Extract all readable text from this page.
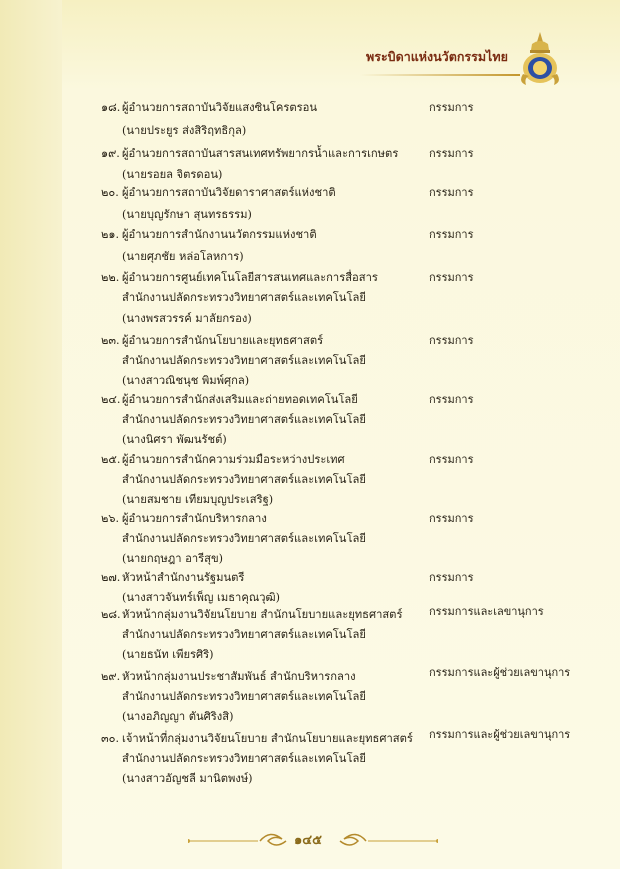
พระบิดาแห่งนวัตกรรมไทย
๑๘. ผู้อำนวยการสถาบันวิจัยแสงซินโครตรอน
(นายประยูร ส่งสิริฤทธิกุล)
กรรมการ
๑๙. ผู้อำนวยการสถาบันสารสนเทศทรัพยากรน้ำและการเกษตร
(นายรอยล จิตรดอน)
กรรมการ
๒๐. ผู้อำนวยการสถาบันวิจัยดาราศาสตร์แห่งชาติ
(นายบุญรักษา สุนทรธรรม)
กรรมการ
๒๑. ผู้อำนวยการสำนักงานนวัตกรรมแห่งชาติ
(นายศุภชัย หล่อโลหการ)
กรรมการ
๒๒. ผู้อำนวยการศูนย์เทคโนโลยีสารสนเทศและการสื่อสาร
สำนักงานปลัดกระทรวงวิทยาศาสตร์และเทคโนโลยี
(นางพรสวรรค์ มาลัยกรอง)
กรรมการ
๒๓. ผู้อำนวยการสำนักนโยบายและยุทธศาสตร์
สำนักงานปลัดกระทรวงวิทยาศาสตร์และเทคโนโลยี
(นางสาวณิชนุช พิมพ์ศุกล)
กรรมการ
๒๔. ผู้อำนวยการสำนักส่งเสริมและถ่ายทอดเทคโนโลยี
สำนักงานปลัดกระทรวงวิทยาศาสตร์และเทคโนโลยี
(นางนิศรา พัฒนรัชต์)
กรรมการ
๒๕. ผู้อำนวยการสำนักความร่วมมือระหว่างประเทศ
สำนักงานปลัดกระทรวงวิทยาศาสตร์และเทคโนโลยี
(นายสมชาย เทียมบุญประเสริฐ)
กรรมการ
๒๖. ผู้อำนวยการสำนักบริหารกลาง
สำนักงานปลัดกระทรวงวิทยาศาสตร์และเทคโนโลยี
(นายกฤษฎา อารีสุข)
กรรมการ
๒๗. หัวหน้าสำนักงานรัฐมนตรี
(นางสาวจันทร์เพ็ญ เมธาคุณวุฒิ)
กรรมการ
๒๘. หัวหน้ากลุ่มงานวิจัยนโยบาย สำนักนโยบายและยุทธศาสตร์
สำนักงานปลัดกระทรวงวิทยาศาสตร์และเทคโนโลยี
(นายธนัท เพียรศิริ)
กรรมการและเลขานุการ
๒๙. หัวหน้ากลุ่มงานประชาสัมพันธ์ สำนักบริหารกลาง
สำนักงานปลัดกระทรวงวิทยาศาสตร์และเทคโนโลยี
(นางอภิญญา ตันศิริงสิ)
กรรมการและผู้ช่วยเลขานุการ
๓๐. เจ้าหน้าที่กลุ่มงานวิจัยนโยบาย สำนักนโยบายและยุทธศาสตร์
สำนักงานปลัดกระทรวงวิทยาศาสตร์และเทคโนโลยี
(นางสาวอัญชลี มานิตพงษ์)
กรรมการและผู้ช่วยเลขานุการ
๑๔๕
